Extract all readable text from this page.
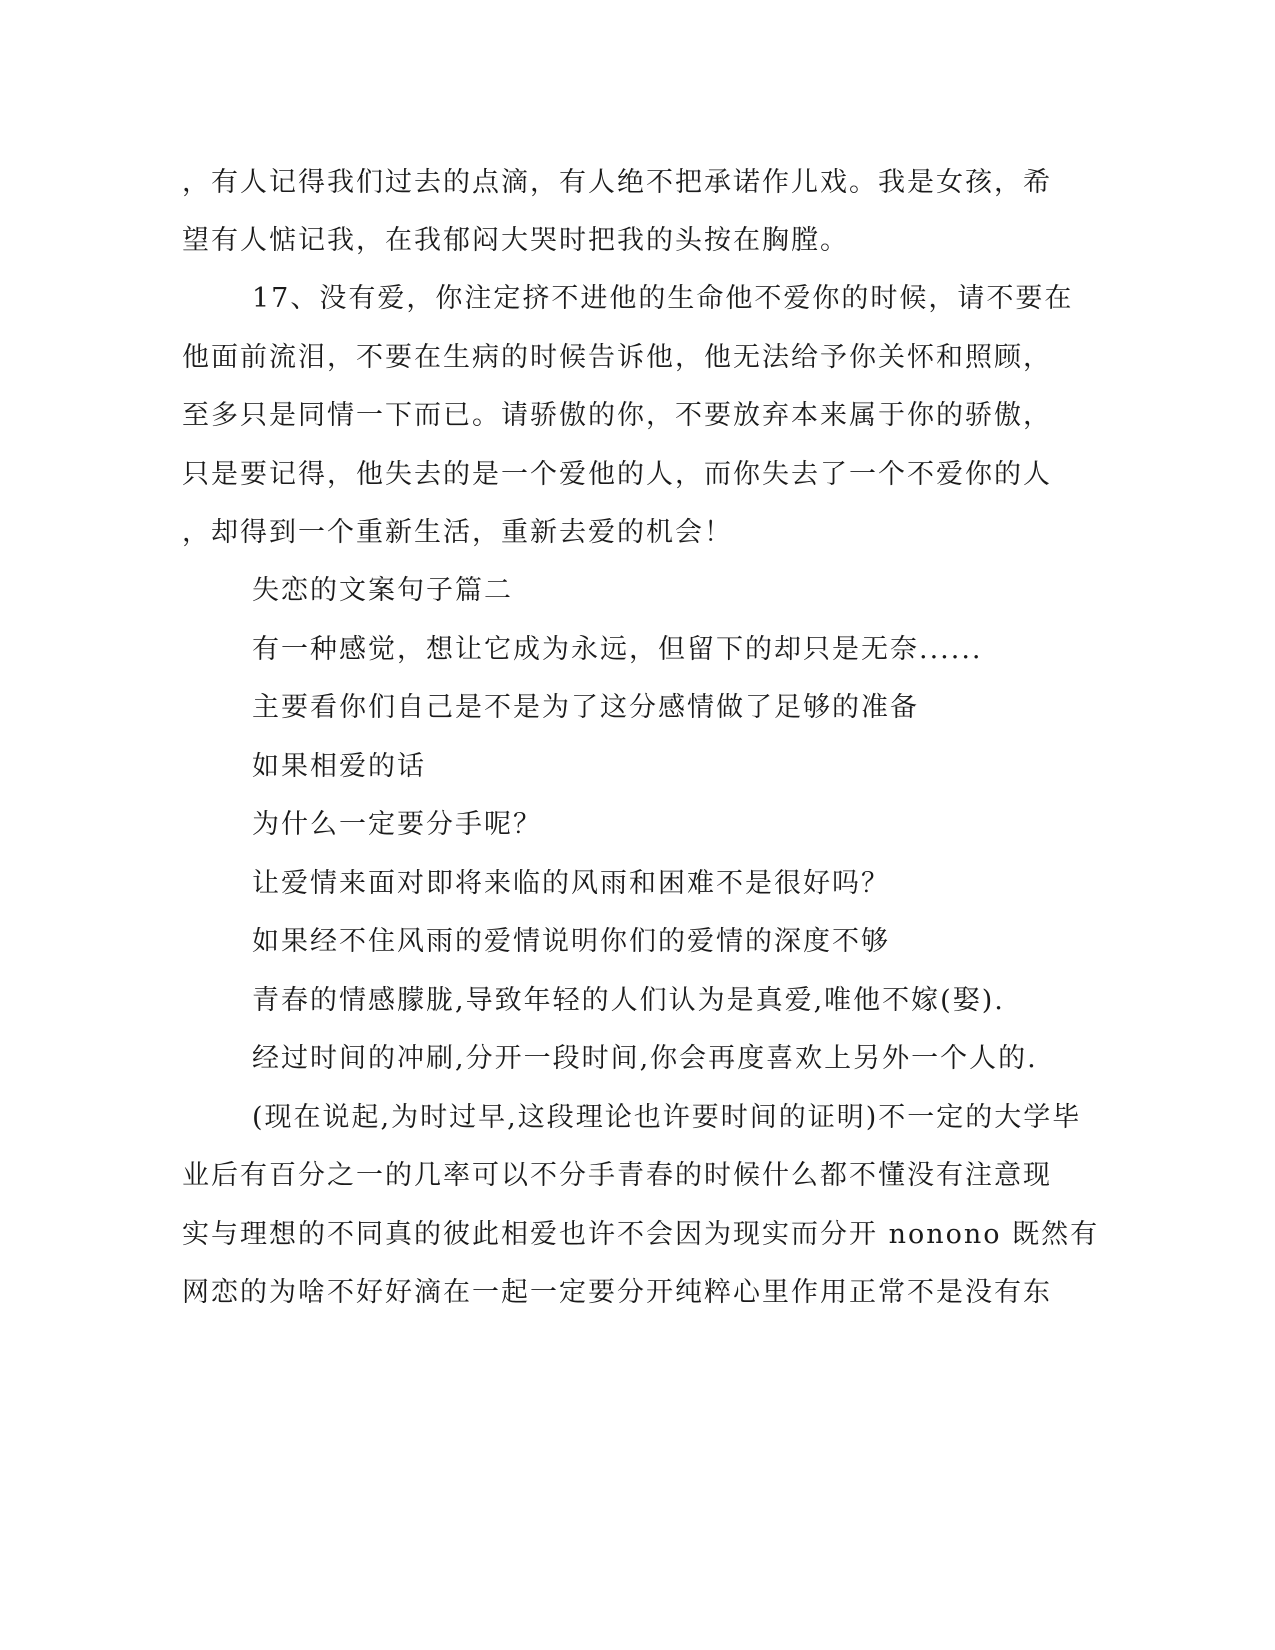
，有人记得我们过去的点滴，有人绝不把承诺作儿戏。我是女孩，希
望有人惦记我，在我郁闷大哭时把我的头按在胸膛。
17、没有爱，你注定挤不进他的生命他不爱你的时候，请不要在
他面前流泪，不要在生病的时候告诉他，他无法给予你关怀和照顾，
至多只是同情一下而已。请骄傲的你，不要放弃本来属于你的骄傲，
只是要记得，他失去的是一个爱他的人，而你失去了一个不爱你的人
，却得到一个重新生活，重新去爱的机会！
失恋的文案句子篇二
有一种感觉，想让它成为永远，但留下的却只是无奈......
主要看你们自己是不是为了这分感情做了足够的准备
如果相爱的话
为什么一定要分手呢？
让爱情来面对即将来临的风雨和困难不是很好吗？
如果经不住风雨的爱情说明你们的爱情的深度不够
青春的情感朦胧,导致年轻的人们认为是真爱,唯他不嫁(娶).
经过时间的冲刷,分开一段时间,你会再度喜欢上另外一个人的.
(现在说起,为时过早,这段理论也许要时间的证明)不一定的大学毕
业后有百分之一的几率可以不分手青春的时候什么都不懂没有注意现
实与理想的不同真的彼此相爱也许不会因为现实而分开 nonono 既然有
网恋的为啥不好好滴在一起一定要分开纯粹心里作用正常不是没有东
